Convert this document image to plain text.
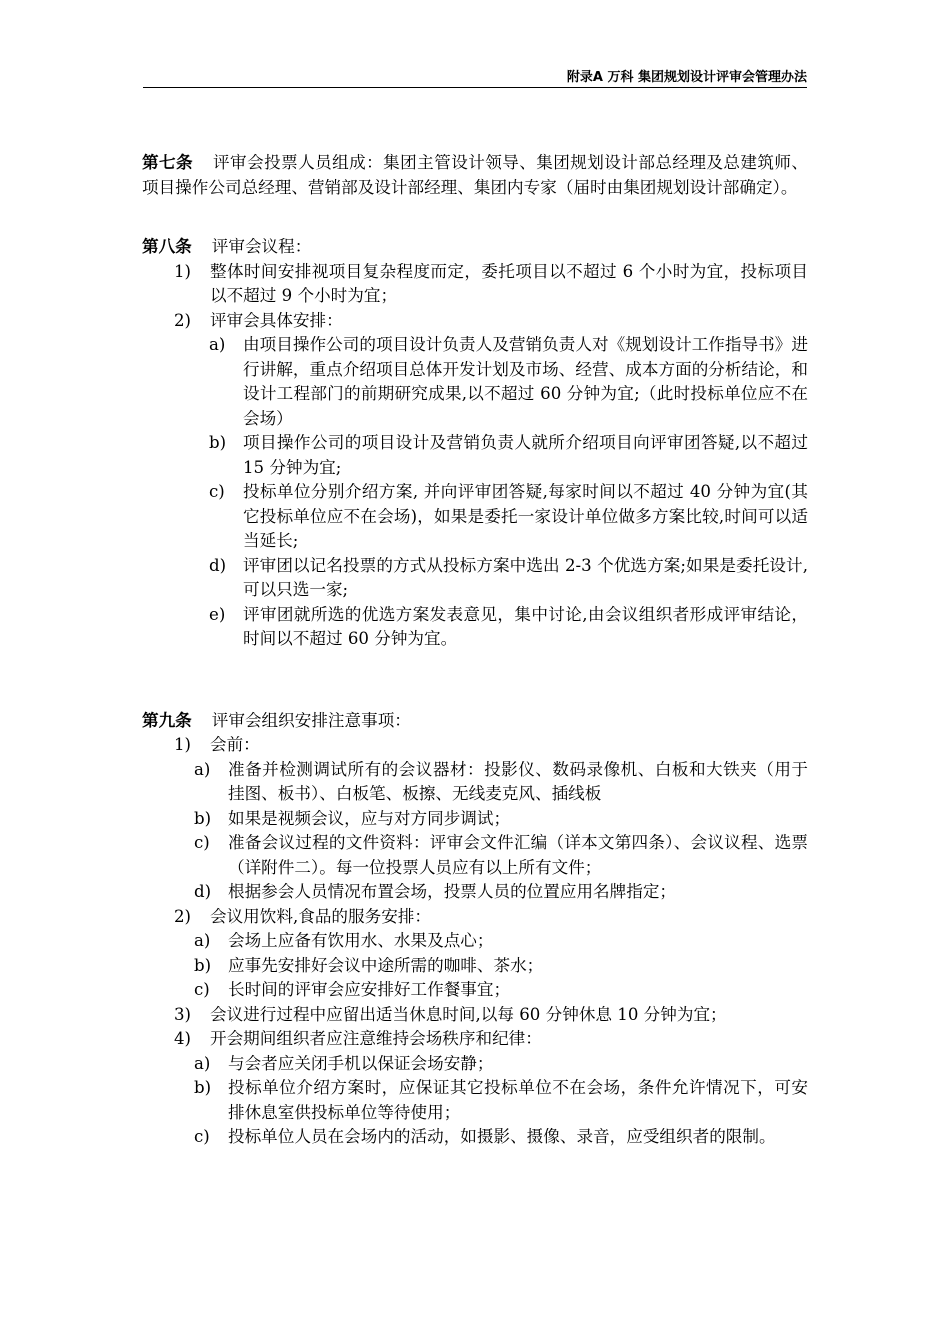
附录A 万科 集团规划设计评审会管理办法

第七条 评审会投票人员组成：集团主管设计领导、集团规划设计部总经理及总建筑师、项目操作公司总经理、营销部及设计部经理、集团内专家（届时由集团规划设计部确定）。

第八条 评审会议程：

1) 整体时间安排视项目复杂程度而定，委托项目以不超过 6 个小时为宜，投标项目以不超过 9 个小时为宜；

2) 评审会具体安排：

a) 由项目操作公司的项目设计负责人及营销负责人对《规划设计工作指导书》进行讲解，重点介绍项目总体开发计划及市场、经营、成本方面的分析结论，和设计工程部门的前期研究成果,以不超过 60 分钟为宜;（此时投标单位应不在会场）

b) 项目操作公司的项目设计及营销负责人就所介绍项目向评审团答疑,以不超过 15 分钟为宜;

c) 投标单位分别介绍方案, 并向评审团答疑,每家时间以不超过 40 分钟为宜(其它投标单位应不在会场)，如果是委托一家设计单位做多方案比较,时间可以适当延长;

d) 评审团以记名投票的方式从投标方案中选出 2-3 个优选方案;如果是委托设计,可以只选一家;

e) 评审团就所选的优选方案发表意见，集中讨论,由会议组织者形成评审结论，时间以不超过 60 分钟为宜。

第九条 评审会组织安排注意事项：

1) 会前：

a) 准备并检测调试所有的会议器材：投影仪、数码录像机、白板和大铁夹（用于挂图、板书）、白板笔、板擦、无线麦克风、插线板

b) 如果是视频会议，应与对方同步调试；

c) 准备会议过程的文件资料：评审会文件汇编（详本文第四条）、会议议程、选票（详附件二）。每一位投票人员应有以上所有文件；

d) 根据参会人员情况布置会场，投票人员的位置应用名牌指定；

2) 会议用饮料,食品的服务安排：

a) 会场上应备有饮用水、水果及点心；

b) 应事先安排好会议中途所需的咖啡、茶水；

c) 长时间的评审会应安排好工作餐事宜；

3) 会议进行过程中应留出适当休息时间,以每 60 分钟休息 10 分钟为宜；

4) 开会期间组织者应注意维持会场秩序和纪律：

a) 与会者应关闭手机以保证会场安静；

b) 投标单位介绍方案时，应保证其它投标单位不在会场，条件允许情况下，可安排休息室供投标单位等待使用；

c) 投标单位人员在会场内的活动，如摄影、摄像、录音，应受组织者的限制。
